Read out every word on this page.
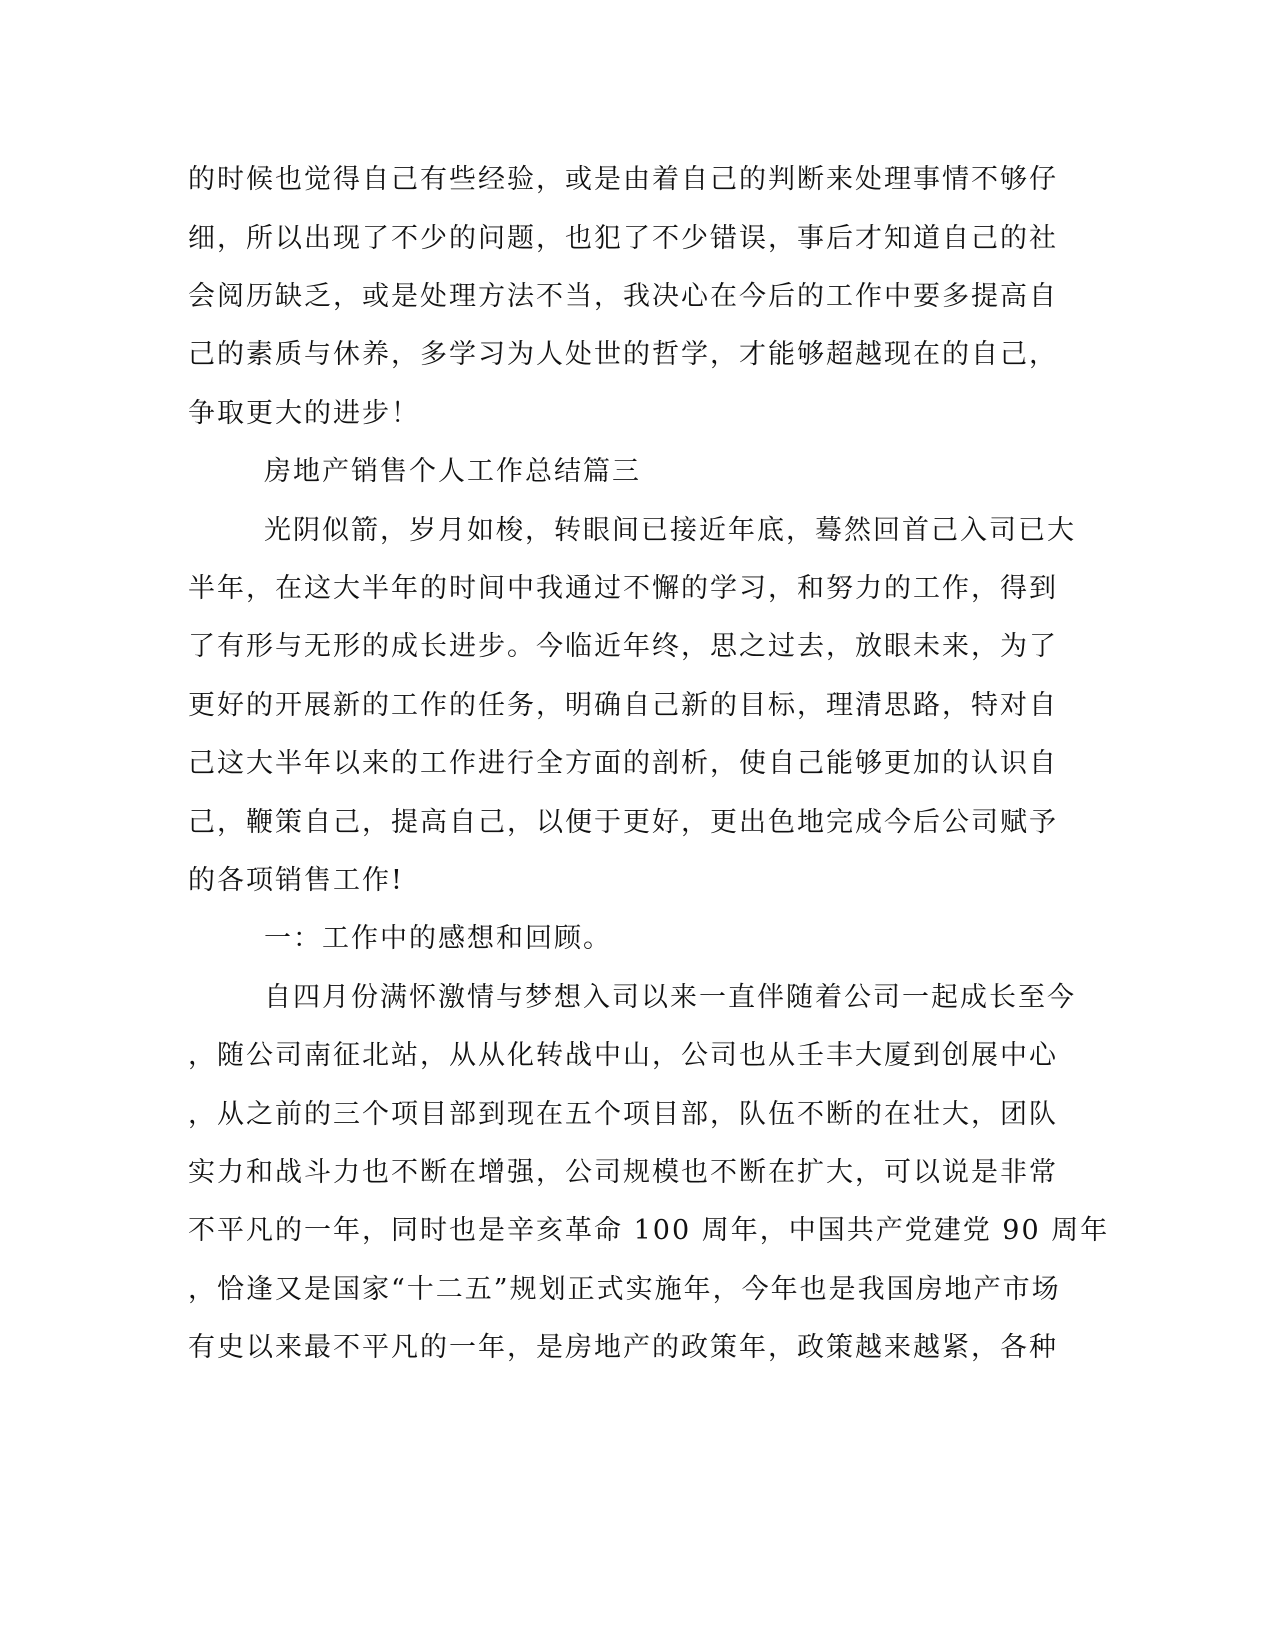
的时候也觉得自己有些经验，或是由着自己的判断来处理事情不够仔
细，所以出现了不少的问题，也犯了不少错误，事后才知道自己的社
会阅历缺乏，或是处理方法不当，我决心在今后的工作中要多提高自
己的素质与休养，多学习为人处世的哲学，才能够超越现在的自己，
争取更大的进步！
房地产销售个人工作总结篇三
光阴似箭，岁月如梭，转眼间已接近年底，蓦然回首己入司已大
半年，在这大半年的时间中我通过不懈的学习，和努力的工作，得到
了有形与无形的成长进步。今临近年终，思之过去，放眼未来，为了
更好的开展新的工作的任务，明确自己新的目标，理清思路，特对自
己这大半年以来的工作进行全方面的剖析，使自己能够更加的认识自
己，鞭策自己，提高自己，以便于更好，更出色地完成今后公司赋予
的各项销售工作!
一：工作中的感想和回顾。
自四月份满怀激情与梦想入司以来一直伴随着公司一起成长至今
，随公司南征北站，从从化转战中山，公司也从壬丰大厦到创展中心
，从之前的三个项目部到现在五个项目部，队伍不断的在壮大，团队
实力和战斗力也不断在增强，公司规模也不断在扩大，可以说是非常
不平凡的一年，同时也是辛亥革命 100 周年，中国共产党建党 90 周年
，恰逢又是国家“十二五”规划正式实施年，今年也是我国房地产市场
有史以来最不平凡的一年，是房地产的政策年，政策越来越紧，各种
